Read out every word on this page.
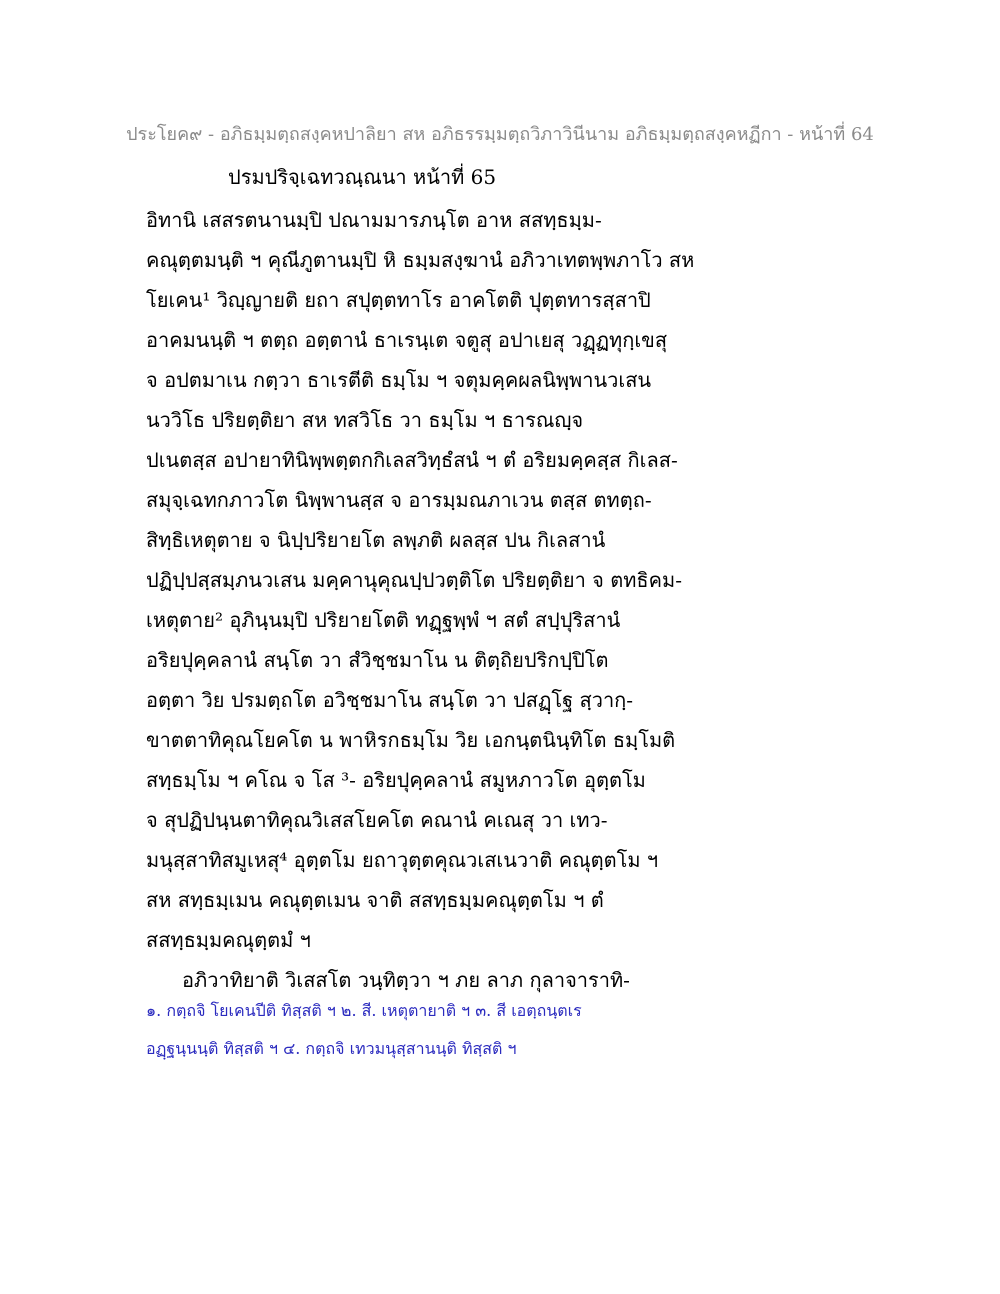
ประโยค๙ - อภิธมฺมตฺถสงฺคหปาลิยา สห อภิธรรมฺมตฺถวิภาวินีนาม อภิธมฺมตฺถสงฺคหฏีกา - หน้าที่ 64
ปรมปริจฺเฉทวณฺณนา หน้าที่ 65
อิทานิ เสสรตนานมฺปิ ปณามมารภนฺโต อาห สสทฺธมฺม-
คณุตฺตมนฺติ ฯ คุณีภูตานมฺปิ หิ ธมฺมสงฺฆานํ อภิวาเทตพฺพภาโว สห
โยเคน¹ วิญฺญายติ ยถา สปุตฺตทาโร อาคโตติ ปุตฺตทารสฺสาปิ
อาคมนนฺติ ฯ ตตฺถ อตฺตานํ ธาเรนฺเต จตูสุ อปาเยสุ วฏฺฏทุกฺเขสุ
จ อปตมาเน กตฺวา ธาเรตีติ ธมฺโม ฯ จตุมคฺคผลนิพฺพานวเสน
นววิโธ ปริยตฺติยา สห ทสวิโธ วา ธมฺโม ฯ ธารณญฺจ
ปเนตสฺส อปายาทินิพฺพตฺตกกิเลสวิทฺธํสนํ ฯ ตํ อริยมคฺคสฺส กิเลส-
สมุจฺเฉทกภาวโต นิพฺพานสฺส จ อารมฺมณภาเวน ตสฺส ตทตฺถ-
สิทฺธิเหตุตาย จ นิปฺปริยายโต ลพฺภติ ผลสฺส ปน กิเลสานํ
ปฏิปฺปสฺสมฺภนวเสน มคฺคานุคุณปฺปวตฺติโต ปริยตฺติยา จ ตทธิคม-
เหตุตาย² อุภินฺนมฺปิ ปริยายโตติ ทฏฺฐพฺพํ ฯ สตํ สปฺปุริสานํ
อริยปุคฺคลานํ สนฺโต วา สํวิชฺชมาโน น ติตฺถิยปริกปฺปิโต
อตฺตา วิย ปรมตฺถโต อวิชฺชมาโน สนฺโต วา ปสฏฺโฐ สฺวากฺ-
ขาตตาทิคุณโยคโต น พาหิรกธมฺโม วิย เอกนฺตนินฺทิโต ธมฺโมติ
สทฺธมฺโม ฯ คโณ จ โส ³- อริยปุคฺคลานํ สมูหภาวโต อุตฺตโม
จ สุปฏิปนฺนตาทิคุณวิเสสโยคโต คณานํ คเณสุ วา เทว-
มนุสฺสาทิสมูเหสุ⁴ อุตฺตโม ยถาวุตฺตคุณวเสเนวาติ คณุตฺตโม ฯ
สห สทฺธมฺเมน คณุตฺตเมน จาติ สสทฺธมฺมคณุตฺตโม ฯ ตํ
สสทฺธมฺมคณุตฺตมํ ฯ
อภิวาทิยาติ วิเสสโต วนฺทิตฺวา ฯ ภย ลาภ กุลาจาราทิ-
๑. กตฺถจิ โยเคนปีติ ทิสฺสติ ฯ ๒. สี. เหตุตายาติ ฯ ๓. สี เอตฺถนฺตเร
อฏฺฐนฺนนฺติ ทิสฺสติ ฯ ๔. กตฺถจิ เทวมนุสฺสานนฺติ ทิสฺสติ ฯ
